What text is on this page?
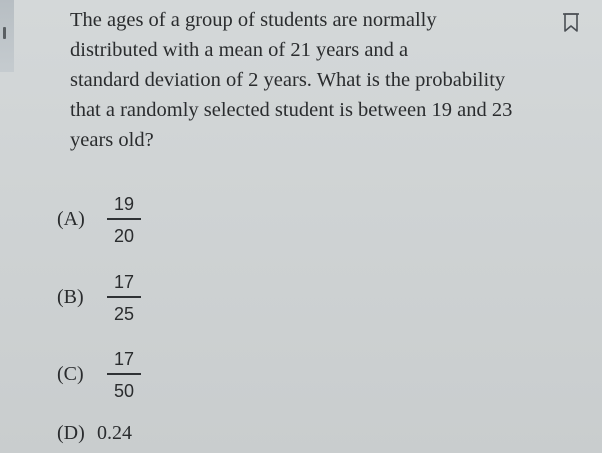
The ages of a group of students are normally
distributed with a mean of 21 years and a
standard deviation of 2 years. What is the probability
that a randomly selected student is between 19 and 23
years old?
(A)	$\frac{19}{20}$
(B)	$\frac{17}{25}$
(C)	$\frac{17}{50}$
(D) 0.24
